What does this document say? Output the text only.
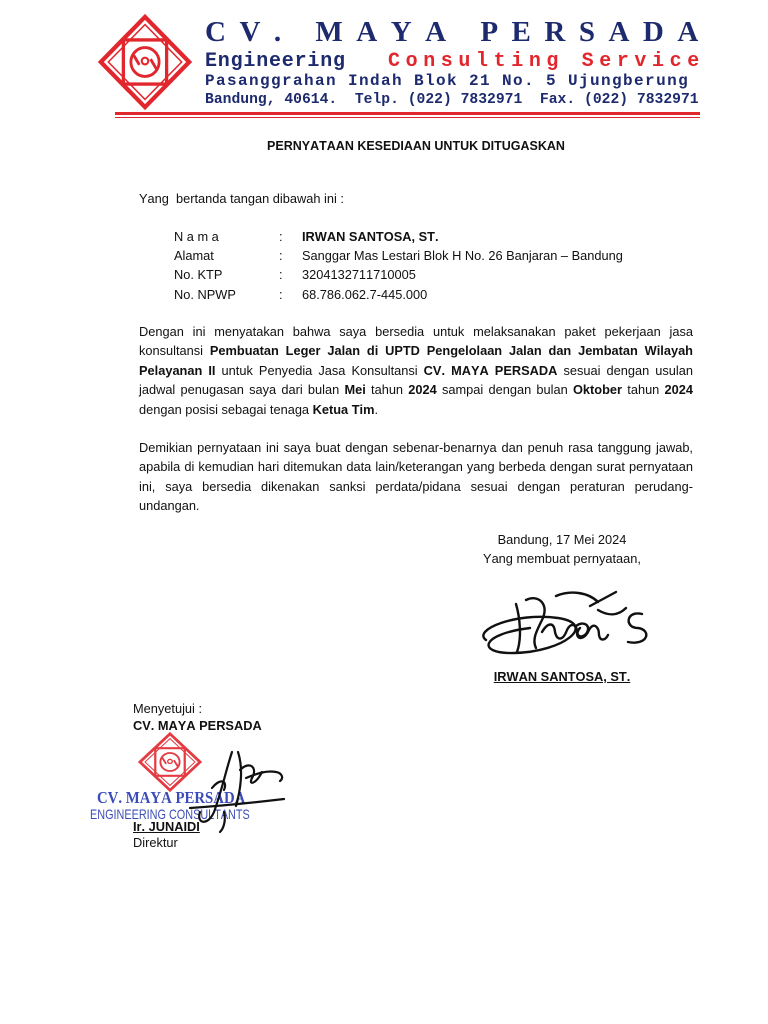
CV. MAYA PERSADA
Engineering Consulting Service
Pasanggrahan Indah Blok 21 No. 5 Ujungberung
Bandung, 40614.  Telp. (022) 7832971  Fax. (022) 7832971
PERNYATAAN KESEDIAAN UNTUK DITUGASKAN
Yang  bertanda tangan dibawah ini :
N a m a	: IRWAN SANTOSA, ST.
Alamat	: Sanggar Mas Lestari Blok H No. 26 Banjaran – Bandung
No. KTP	: 3204132711710005
No. NPWP	: 68.786.062.7-445.000

Dengan ini menyatakan bahwa saya bersedia untuk melaksanakan paket pekerjaan jasa konsultansi Pembuatan Leger Jalan di UPTD Pengelolaan Jalan dan Jembatan Wilayah Pelayanan II untuk Penyedia Jasa Konsultansi CV. MAYA PERSADA sesuai dengan usulan jadwal penugasan saya dari bulan Mei tahun 2024 sampai dengan bulan Oktober tahun 2024 dengan posisi sebagai tenaga Ketua Tim.

Demikian pernyataan ini saya buat dengan sebenar-benarnya dan penuh rasa tanggung jawab, apabila di kemudian hari ditemukan data lain/keterangan yang berbeda dengan surat pernyataan ini, saya bersedia dikenakan sanksi perdata/pidana sesuai dengan peraturan perudang-undangan.

Bandung, 17 Mei 2024
Yang membuat pernyataan,
IRWAN SANTOSA, ST.
Menyetujui :
CV. MAYA PERSADA
Ir. JUNAIDI
Direktur
CV. MAYA PERSADA
ENGINEERING CONSULTANTS
